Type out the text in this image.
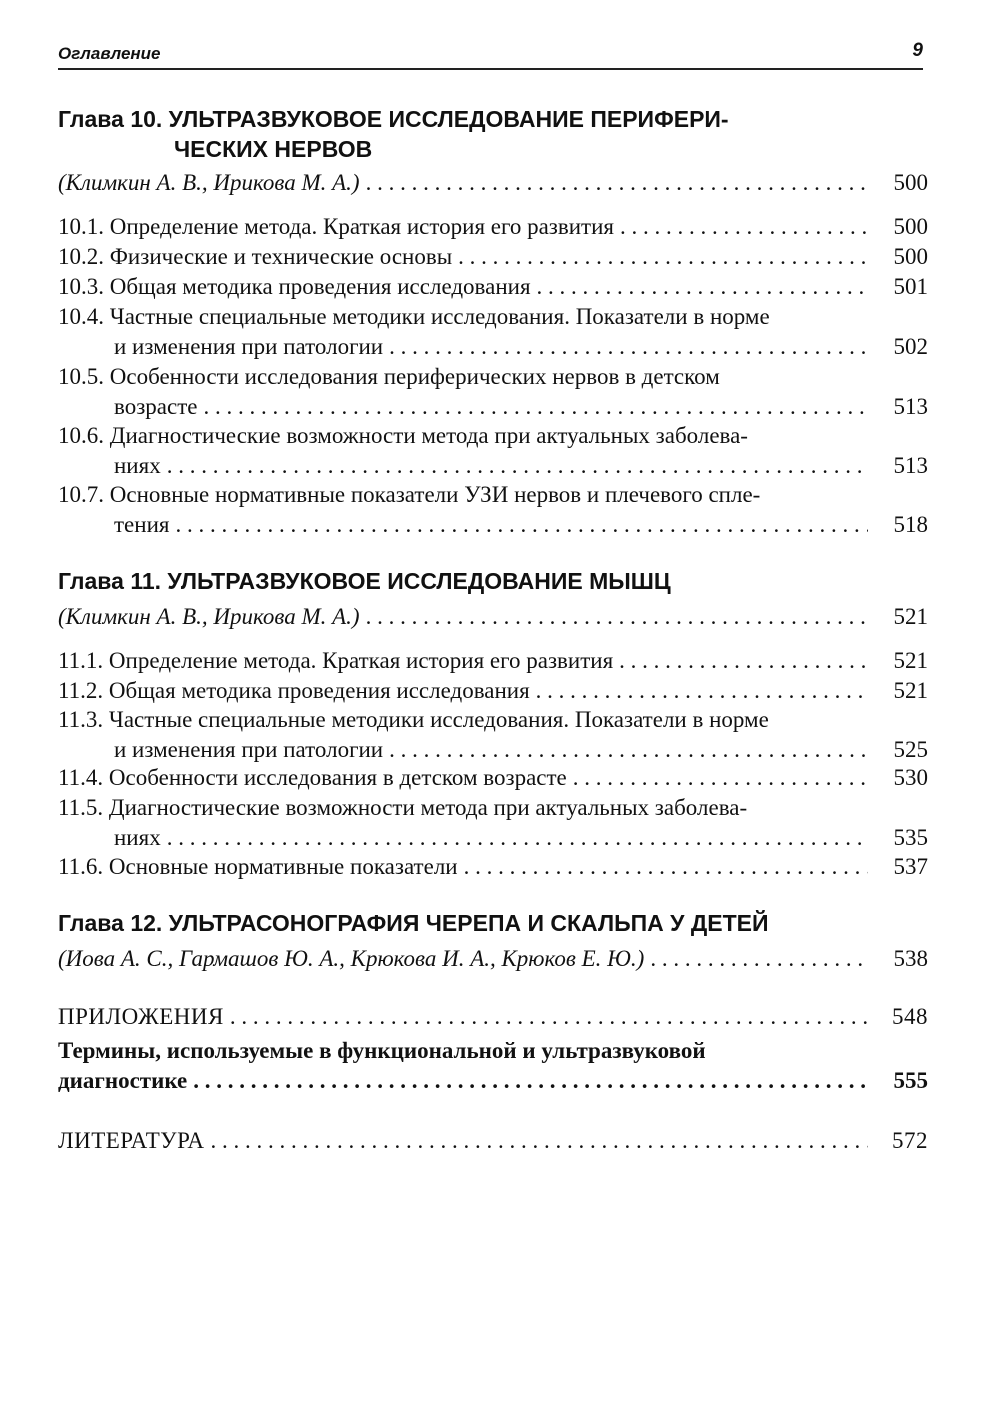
Оглавление	9
Глава 10. УЛЬТРАЗВУКОВОЕ ИССЛЕДОВАНИЕ ПЕРИФЕРИ-
ЧЕСКИХ НЕРВОВ
(Климкин А. В., Ирикова М. А.) . . .	500
10.1. Определение метода. Краткая история его развития . . .	500
10.2. Физические и технические основы . . .	500
10.3. Общая методика проведения исследования . . .	501
10.4. Частные специальные методики исследования. Показатели в норме
и изменения при патологии . . .	502
10.5. Особенности исследования периферических нервов в детском
возрасте . . .	513
10.6. Диагностические возможности метода при актуальных заболева-
ниях . . .	513
10.7. Основные нормативные показатели УЗИ нервов и плечевого спле-
тения . . .	518
Глава 11. УЛЬТРАЗВУКОВОЕ ИССЛЕДОВАНИЕ МЫШЦ
(Климкин А. В., Ирикова М. А.) . . .	521
11.1. Определение метода. Краткая история его развития . . .	521
11.2. Общая методика проведения исследования . . .	521
11.3. Частные специальные методики исследования. Показатели в норме
и изменения при патологии . . .	525
11.4. Особенности исследования в детском возрасте . . .	530
11.5. Диагностические возможности метода при актуальных заболева-
ниях . . .	535
11.6. Основные нормативные показатели . . .	537
Глава 12. УЛЬТРАСОНОГРАФИЯ ЧЕРЕПА И СКАЛЬПА У ДЕТЕЙ
(Иова А. С., Гармашов Ю. А., Крюкова И. А., Крюков Е. Ю.) . . .	538
ПРИЛОЖЕНИЯ . . .	548
Термины, используемые в функциональной и ультразвуковой
диагностике . . .	555
ЛИТЕРАТУРА . . .	572
